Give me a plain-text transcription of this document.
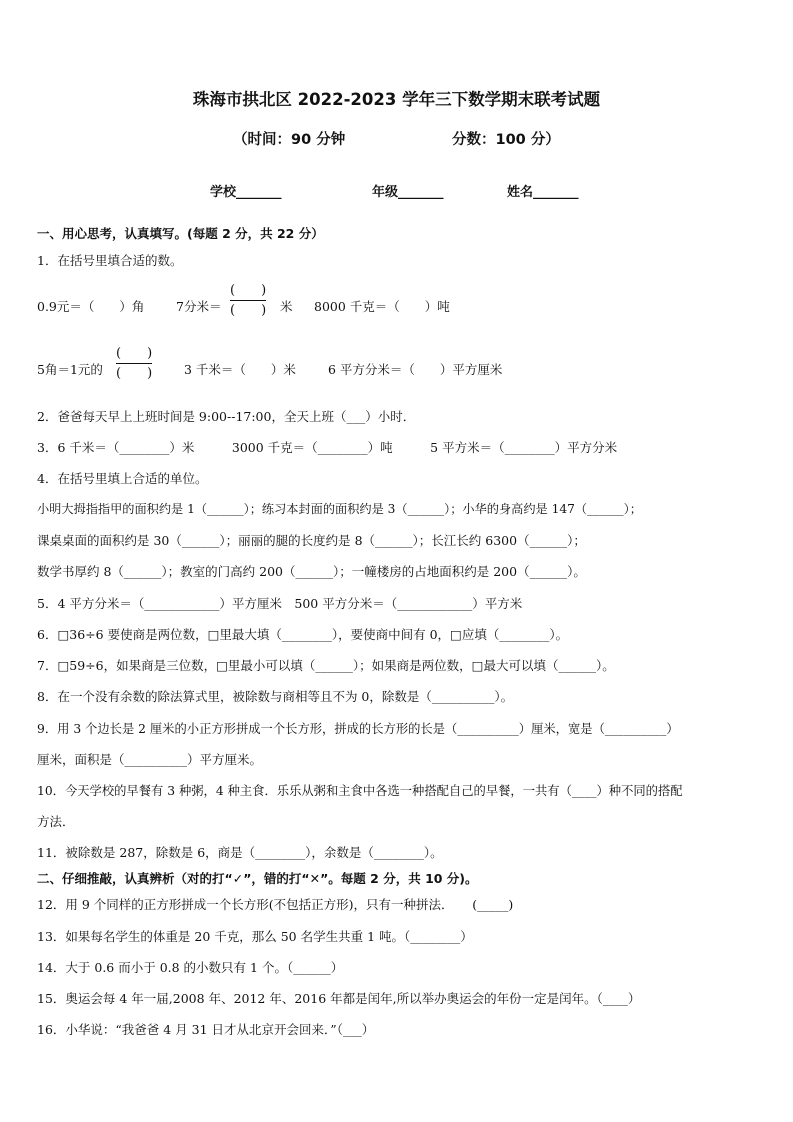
珠海市拱北区 2022-2023 学年三下数学期末联考试题
（时间：90 分钟	分数：100 分）
学校_______	年级_______	姓名_______
一、用心思考，认真填写。(每题 2 分，共 22 分）
1．在括号里填合适的数。
0.9元＝（　　）角	7分米＝
(　　)
(　　) 米 8000 千克＝（　　）吨
5角＝1元的
(　　)
(　　)	3 千米＝（　　）米	6 平方分米＝（　　）平方厘米
2．爸爸每天早上上班时间是 9:00--17:00，全天上班（___）小时．
3．6 千米＝（________）米　　　3000 千克＝（________）吨　　　5 平方米＝（________）平方分米
4．在括号里填上合适的单位。
小明大拇指指甲的面积约是 1（______）；练习本封面的面积约是 3（______）；小华的身高约是 147（______）；
课桌桌面的面积约是 30（______）；丽丽的腿的长度约是 8（______）；长江长约 6300（______）；
数学书厚约 8（______）；教室的门高约 200（______）；一幢楼房的占地面积约是 200（______）。
5．4 平方分米＝（____________）平方厘米　500 平方分米＝（____________）平方米
6．□36÷6 要使商是两位数，□里最大填（________），要使商中间有 0，□应填（________）。
7．□59÷6，如果商是三位数，□里最小可以填（______）；如果商是两位数，□最大可以填（______）。
8．在一个没有余数的除法算式里，被除数与商相等且不为 0，除数是（__________）。
9．用 3 个边长是 2 厘米的小正方形拼成一个长方形，拼成的长方形的长是（__________）厘米，宽是（__________）
厘米，面积是（__________）平方厘米。
10．今天学校的早餐有 3 种粥，4 种主食．乐乐从粥和主食中各选一种搭配自己的早餐，一共有（____）种不同的搭配
方法．
11．被除数是 287，除数是 6，商是（________），余数是（________）。
二、仔细推敲，认真辨析（对的打“✓”，错的打“✕”。每题 2 分，共 10 分)。
12．用 9 个同样的正方形拼成一个长方形(不包括正方形)，只有一种拼法．　　(_____)
13．如果每名学生的体重是 20 千克，那么 50 名学生共重 1 吨。（________）
14．大于 0.6 而小于 0.8 的小数只有 1 个。（______）
15．奥运会每 4 年一届,2008 年、2012 年、2016 年都是闰年,所以举办奥运会的年份一定是闰年。（____）
16．小华说：“我爸爸 4 月 31 日才从北京开会回来．”（___）
